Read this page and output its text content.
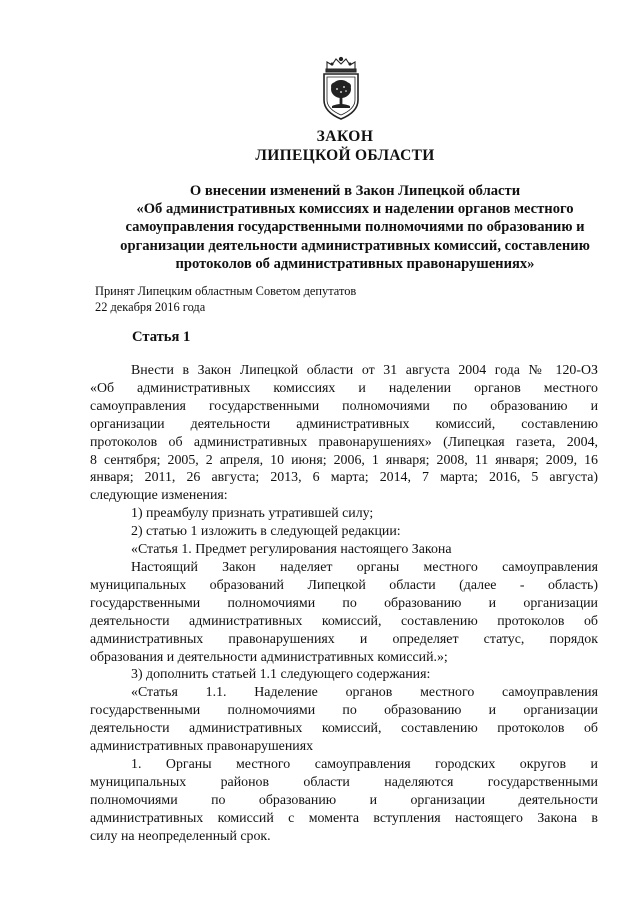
ЗАКОН
ЛИПЕЦКОЙ ОБЛАСТИ
О внесении изменений в Закон Липецкой области
«Об административных комиссиях и наделении органов местного
самоуправления государственными полномочиями по образованию и
организации деятельности административных комиссий, составлению
протоколов об административных правонарушениях»
Принят Липецким областным Советом депутатов
22 декабря 2016 года
Статья 1
Внести в Закон Липецкой области от 31 августа 2004 года № 120-ОЗ
«Об административных комиссиях и наделении органов местного
самоуправления государственными полномочиями по образованию и
организации деятельности административных комиссий, составлению
протоколов об административных правонарушениях» (Липецкая газета, 2004,
8 сентября; 2005, 2 апреля, 10 июня; 2006, 1 января; 2008, 11 января; 2009, 16
января; 2011, 26 августа; 2013, 6 марта; 2014, 7 марта; 2016, 5 августа)
следующие изменения:
1) преамбулу признать утратившей силу;
2) статью 1 изложить в следующей редакции:
«Статья 1. Предмет регулирования настоящего Закона
Настоящий Закон наделяет органы местного самоуправления
муниципальных образований Липецкой области (далее - область)
государственными полномочиями по образованию и организации
деятельности административных комиссий, составлению протоколов об
административных правонарушениях и определяет статус, порядок
образования и деятельности административных комиссий.»;
3) дополнить статьей 1.1 следующего содержания:
«Статья 1.1. Наделение органов местного самоуправления
государственными полномочиями по образованию и организации
деятельности административных комиссий, составлению протоколов об
административных правонарушениях
1. Органы местного самоуправления городских округов и
муниципальных районов области наделяются государственными
полномочиями по образованию и организации деятельности
административных комиссий с момента вступления настоящего Закона в
силу на неопределенный срок.
